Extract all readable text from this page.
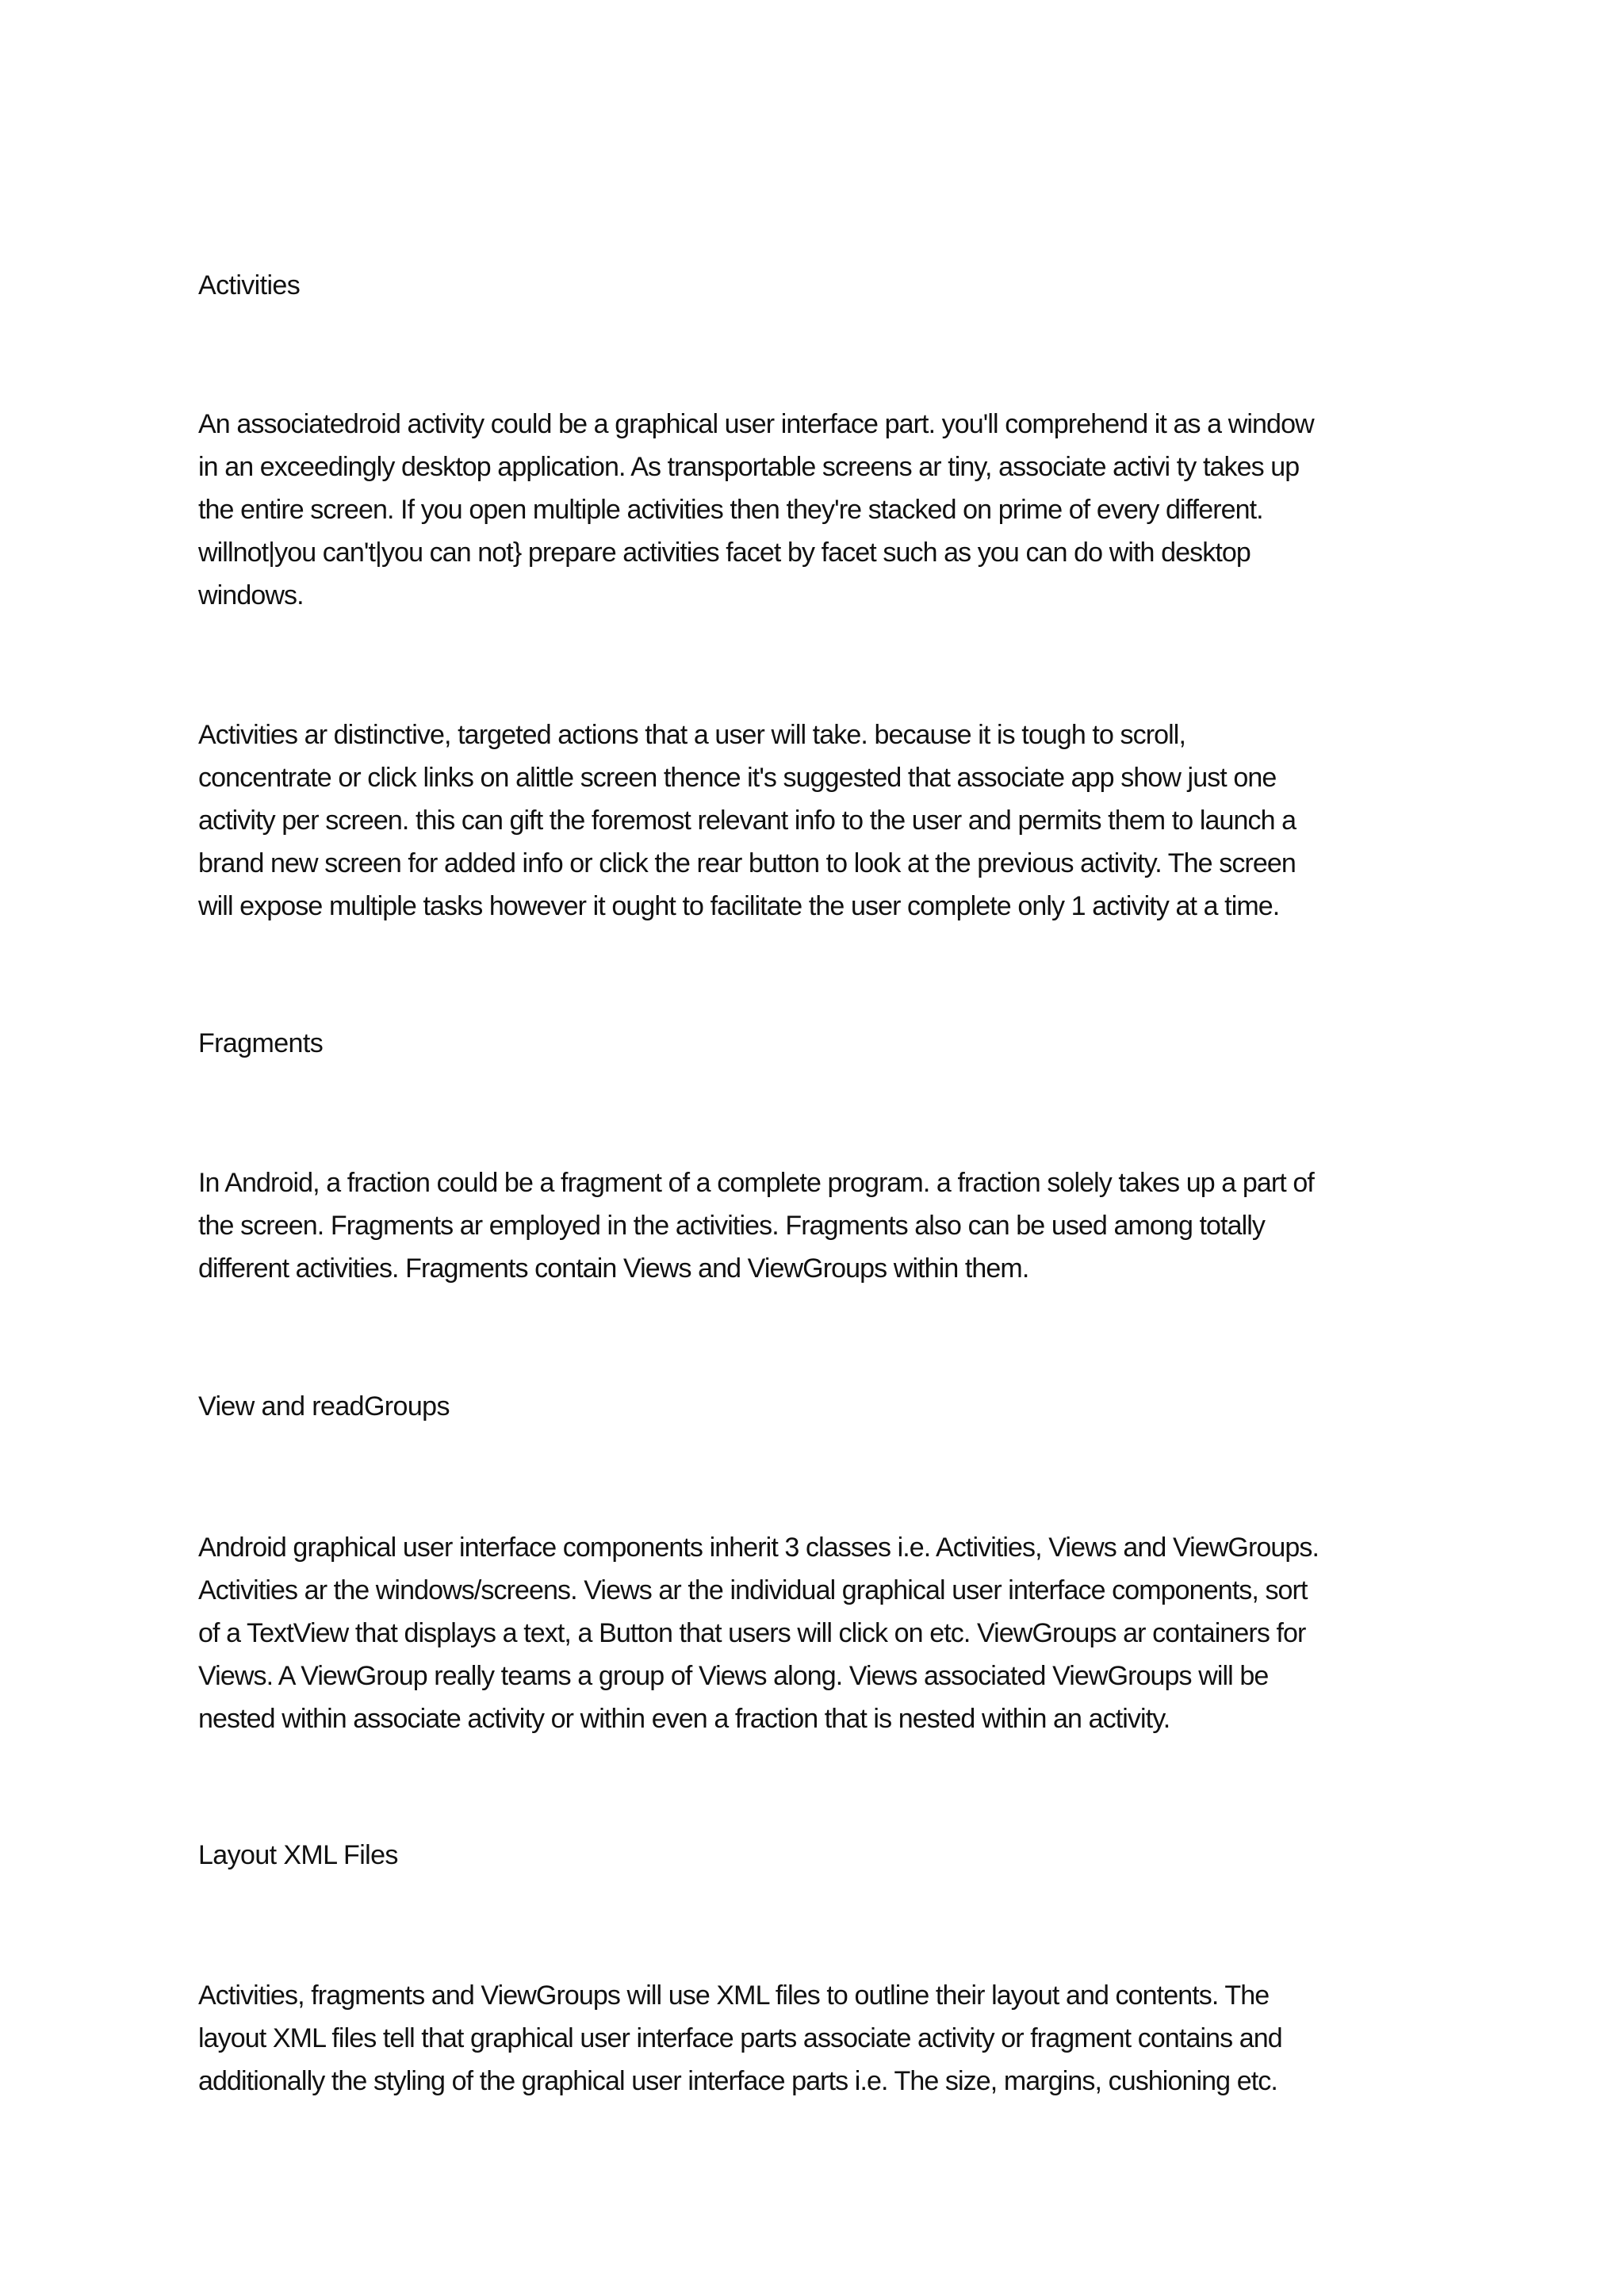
Activities
An associatedroid activity could be a graphical user interface part. you'll comprehend it as a window
in an exceedingly desktop application. As transportable screens ar tiny, associate activi ty takes up
the entire screen. If you open multiple activities then they're stacked on prime of every different.
willnot|you can't|you can not} prepare activities facet by facet such as you can do with desktop
windows.
Activities ar distinctive, targeted actions that a user will take. because it is tough to scroll,
concentrate or click links on alittle screen thence it's suggested that associate app show just one
activity per screen. this can gift the foremost relevant info to the user and permits them to launch a
brand new screen for added info or click the rear button to look at the previous activity. The screen
will expose multiple tasks however it ought to facilitate the user complete only 1 activity at a time.
Fragments
In Android, a fraction could be a fragment of a complete program. a fraction solely takes up a part of
the screen. Fragments ar employed in the activities. Fragments also can be used among totally
different activities. Fragments contain Views and ViewGroups within them.
View and readGroups
Android graphical user interface components inherit 3 classes i.e. Activities, Views and ViewGroups.
Activities ar the windows/screens. Views ar the individual graphical user interface components, sort
of a TextView that displays a text, a Button that users will click on etc. ViewGroups ar containers for
Views. A ViewGroup really teams a group of Views along. Views associated ViewGroups will be
nested within associate activity or within even a fraction that is nested within an activity.
Layout XML Files
Activities, fragments and ViewGroups will use XML files to outline their layout and contents. The
layout XML files tell that graphical user interface parts associate activity or fragment contains and
additionally the styling of the graphical user interface parts i.e. The size, margins, cushioning etc.
